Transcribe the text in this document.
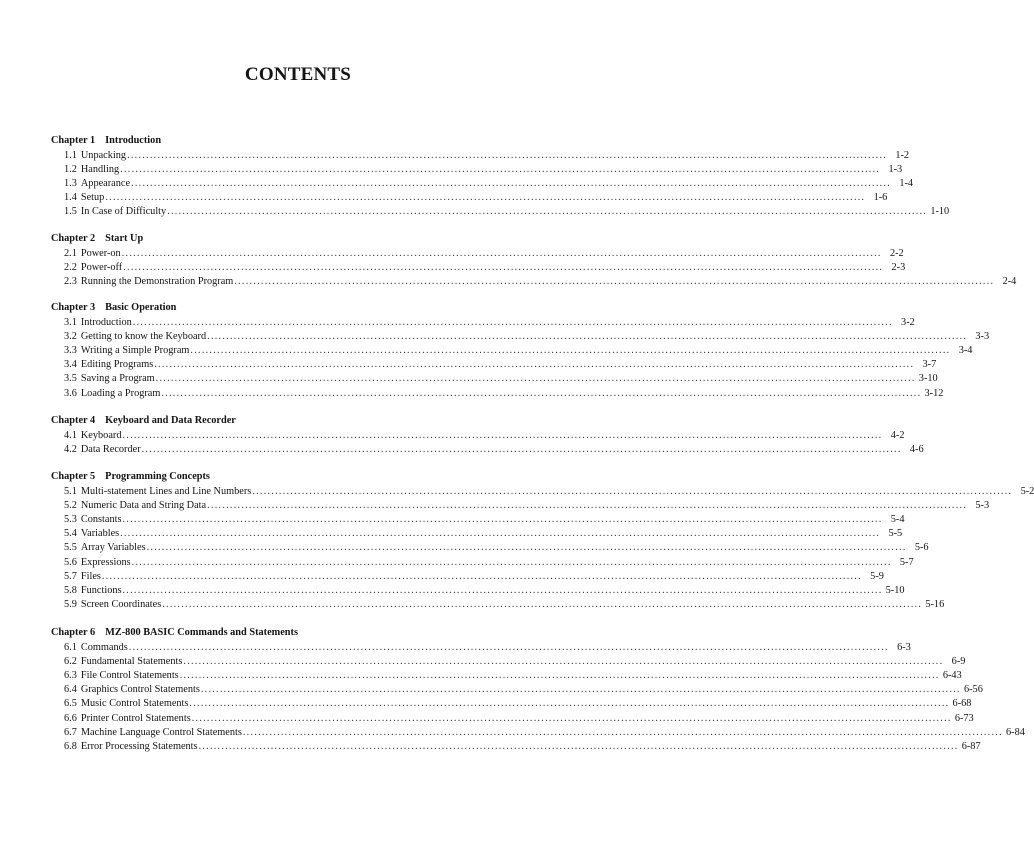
CONTENTS
Chapter 1 Introduction
1.1 Unpacking ........................................................................................................................................................................................................ 1-2
1.2 Handling ........................................................................................................................................................................................................ 1-3
1.3 Appearance ........................................................................................................................................................................................................ 1-4
1.4 Setup ........................................................................................................................................................................................................ 1-6
1.5 In Case of Difficulty ........................................................................................................................................................................................................ 1-10
Chapter 2 Start Up
2.1 Power-on ........................................................................................................................................................................................................ 2-2
2.2 Power-off ........................................................................................................................................................................................................ 2-3
2.3 Running the Demonstration Program ........................................................................................................................................................................................................ 2-4
Chapter 3 Basic Operation
3.1 Introduction ........................................................................................................................................................................................................ 3-2
3.2 Getting to know the Keyboard ........................................................................................................................................................................................................ 3-3
3.3 Writing a Simple Program ........................................................................................................................................................................................................ 3-4
3.4 Editing Programs ........................................................................................................................................................................................................ 3-7
3.5 Saving a Program ........................................................................................................................................................................................................ 3-10
3.6 Loading a Program ........................................................................................................................................................................................................ 3-12
Chapter 4 Keyboard and Data Recorder
4.1 Keyboard ........................................................................................................................................................................................................ 4-2
4.2 Data Recorder ........................................................................................................................................................................................................ 4-6
Chapter 5 Programming Concepts
5.1 Multi-statement Lines and Line Numbers ........................................................................................................................................................................................................ 5-2
5.2 Numeric Data and String Data ........................................................................................................................................................................................................ 5-3
5.3 Constants ........................................................................................................................................................................................................ 5-4
5.4 Variables ........................................................................................................................................................................................................ 5-5
5.5 Array Variables ........................................................................................................................................................................................................ 5-6
5.6 Expressions ........................................................................................................................................................................................................ 5-7
5.7 Files ........................................................................................................................................................................................................ 5-9
5.8 Functions ........................................................................................................................................................................................................ 5-10
5.9 Screen Coordinates ........................................................................................................................................................................................................ 5-16
Chapter 6 MZ-800 BASIC Commands and Statements
6.1 Commands ........................................................................................................................................................................................................ 6-3
6.2 Fundamental Statements ........................................................................................................................................................................................................ 6-9
6.3 File Control Statements ........................................................................................................................................................................................................ 6-43
6.4 Graphics Control Statements ........................................................................................................................................................................................................ 6-56
6.5 Music Control Statements ........................................................................................................................................................................................................ 6-68
6.6 Printer Control Statements ........................................................................................................................................................................................................ 6-73
6.7 Machine Language Control Statements ........................................................................................................................................................................................................ 6-84
6.8 Error Processing Statements ........................................................................................................................................................................................................ 6-87
